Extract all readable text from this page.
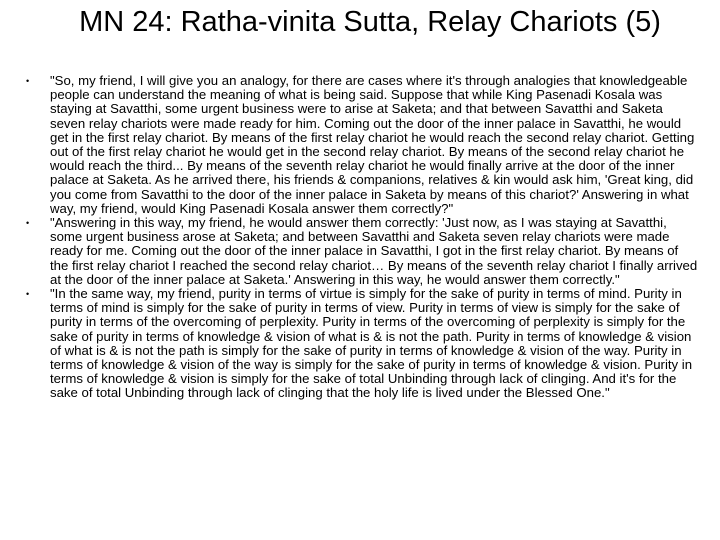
MN 24: Ratha-vinita Sutta, Relay Chariots (5)
• "So, my friend, I will give you an analogy, for there are cases where it's through analogies that knowledgeable people can understand the meaning of what is being said. Suppose that while King Pasenadi Kosala was staying at Savatthi, some urgent business were to arise at Saketa; and that between Savatthi and Saketa seven relay chariots were made ready for him. Coming out the door of the inner palace in Savatthi, he would get in the first relay chariot. By means of the first relay chariot he would reach the second relay chariot. Getting out of the first relay chariot he would get in the second relay chariot. By means of the second relay chariot he would reach the third... By means of the seventh relay chariot he would finally arrive at the door of the inner palace at Saketa. As he arrived there, his friends & companions, relatives & kin would ask him, 'Great king, did you come from Savatthi to the door of the inner palace in Saketa by means of this chariot?' Answering in what way, my friend, would King Pasenadi Kosala answer them correctly?"
• "Answering in this way, my friend, he would answer them correctly: 'Just now, as I was staying at Savatthi, some urgent business arose at Saketa; and between Savatthi and Saketa seven relay chariots were made ready for me. Coming out the door of the inner palace in Savatthi, I got in the first relay chariot. By means of the first relay chariot I reached the second relay chariot… By means of the seventh relay chariot I finally arrived at the door of the inner palace at Saketa.' Answering in this way, he would answer them correctly."
• "In the same way, my friend, purity in terms of virtue is simply for the sake of purity in terms of mind. Purity in terms of mind is simply for the sake of purity in terms of view. Purity in terms of view is simply for the sake of purity in terms of the overcoming of perplexity. Purity in terms of the overcoming of perplexity is simply for the sake of purity in terms of knowledge & vision of what is & is not the path. Purity in terms of knowledge & vision of what is & is not the path is simply for the sake of purity in terms of knowledge & vision of the way. Purity in terms of knowledge & vision of the way is simply for the sake of purity in terms of knowledge & vision. Purity in terms of knowledge & vision is simply for the sake of total Unbinding through lack of clinging. And it's for the sake of total Unbinding through lack of clinging that the holy life is lived under the Blessed One."
